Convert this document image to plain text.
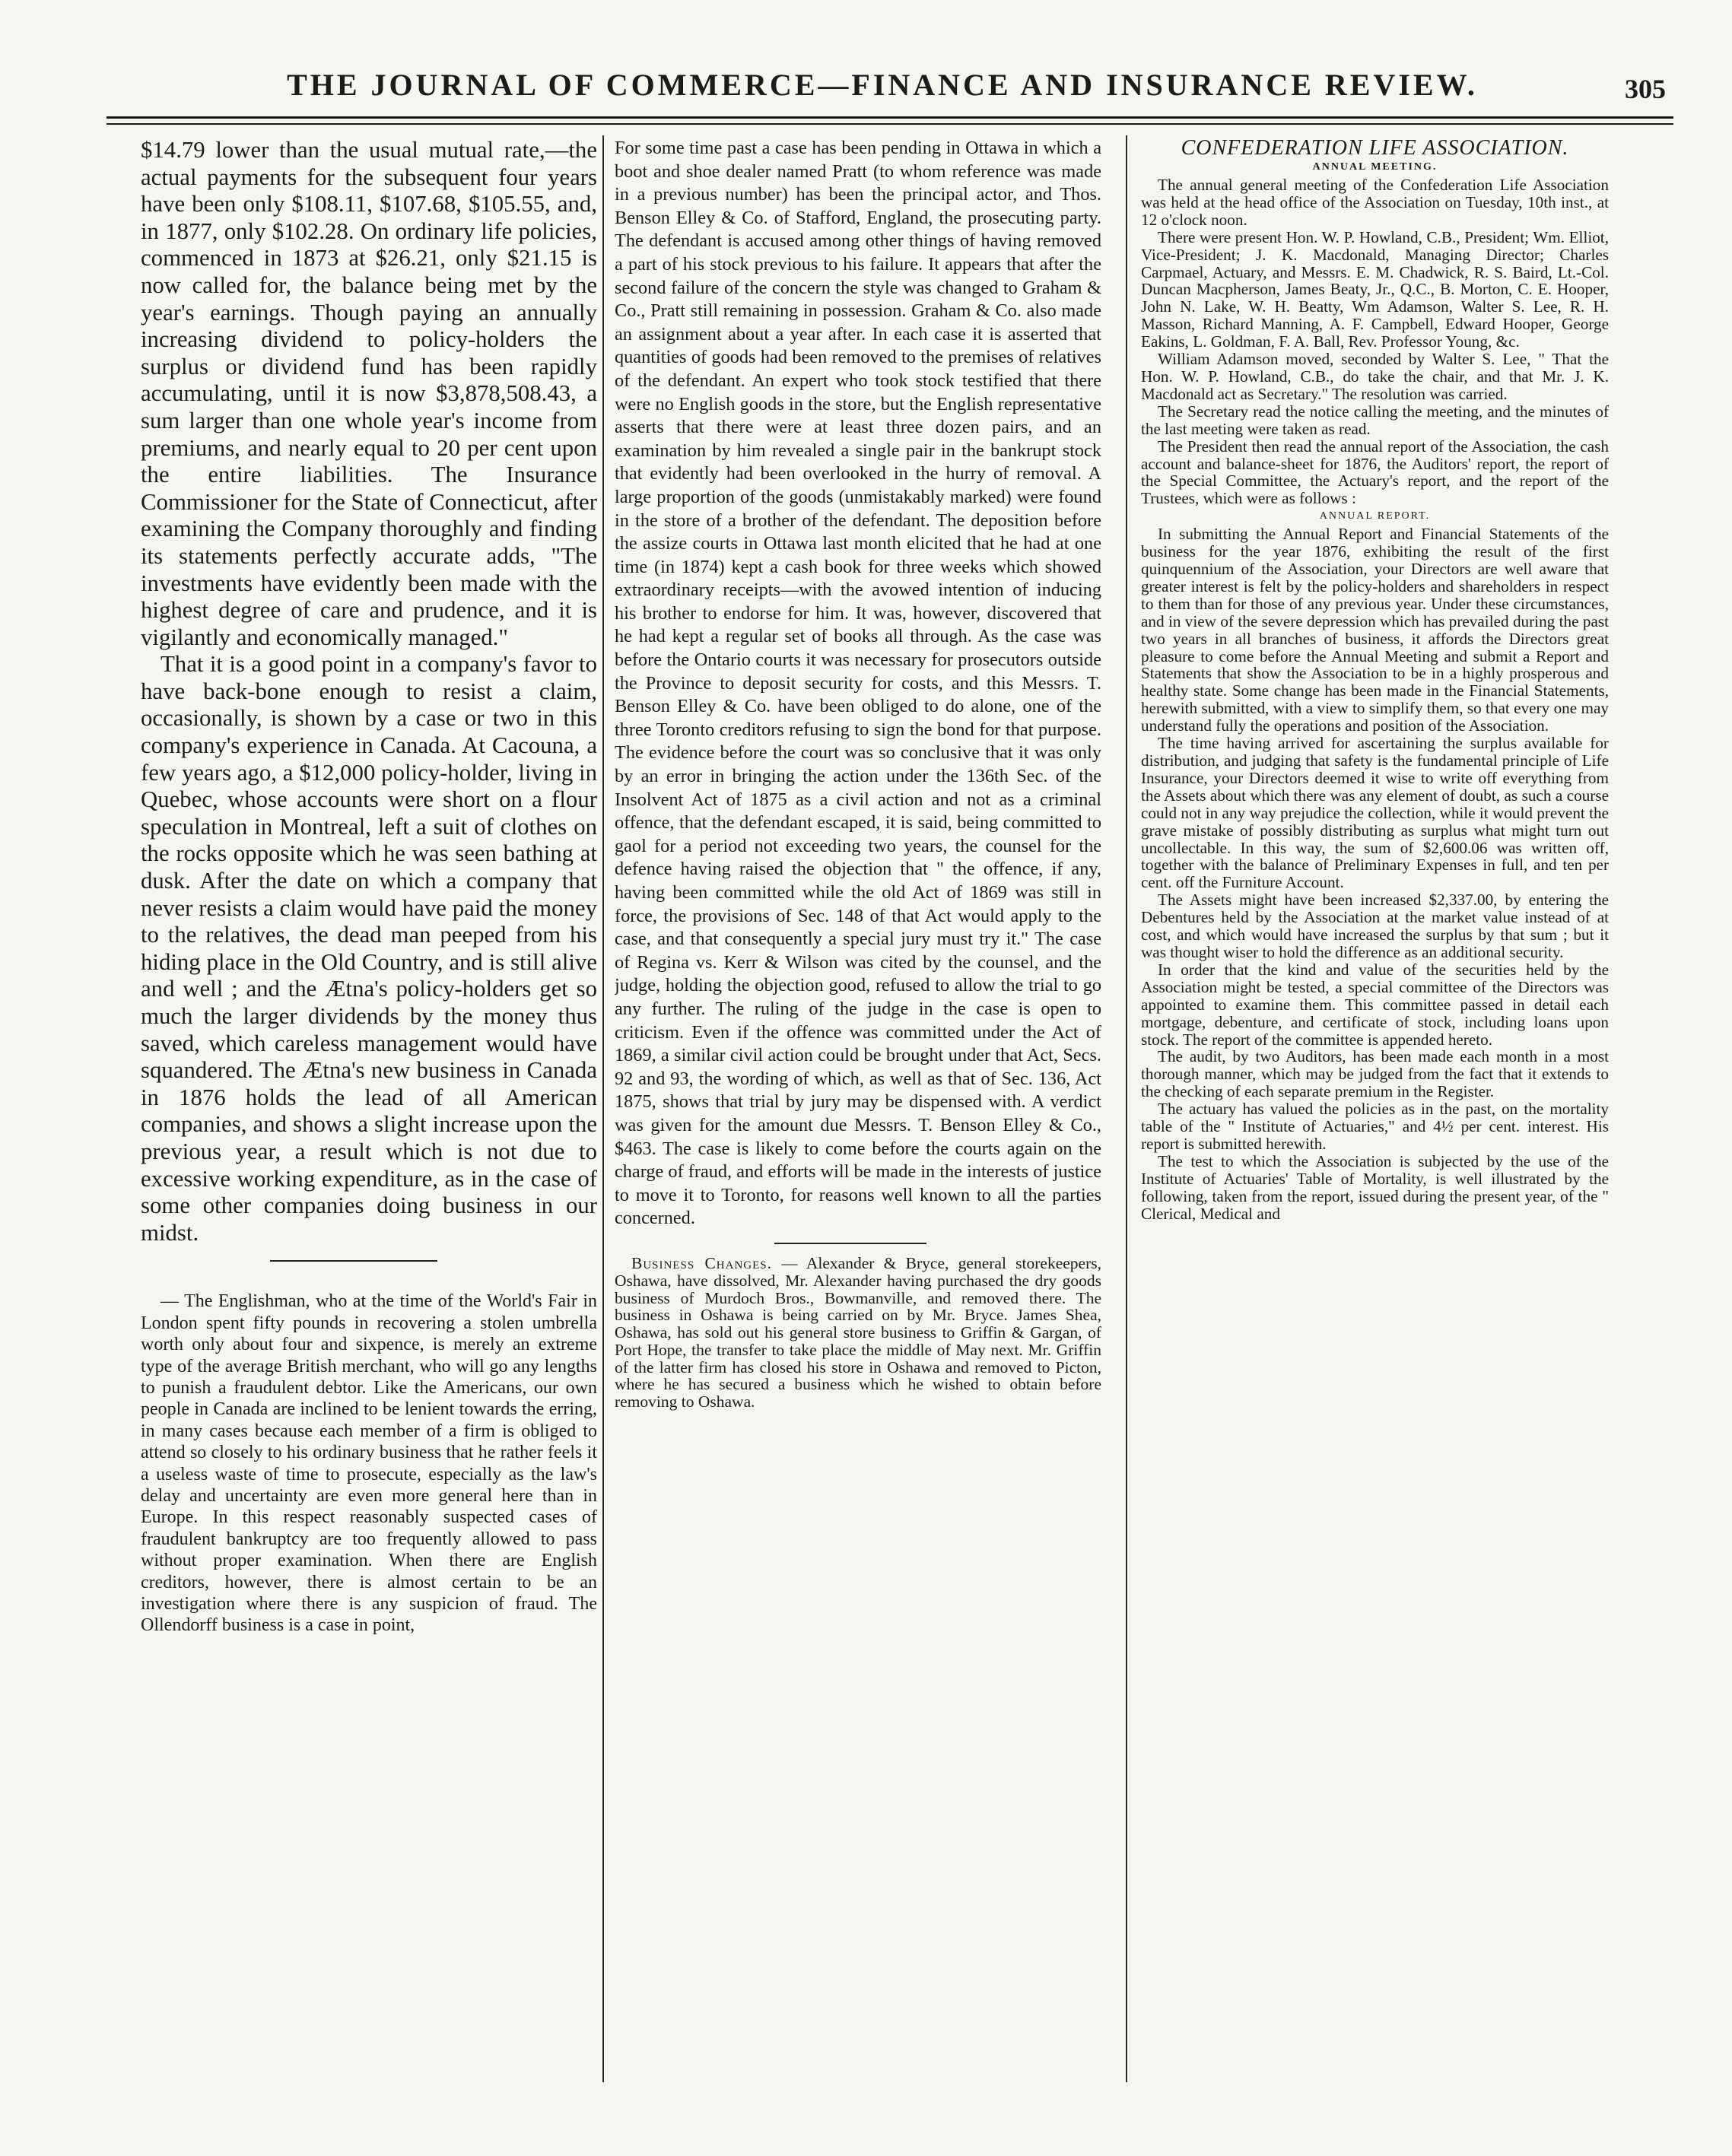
THE JOURNAL OF COMMERCE—FINANCE AND INSURANCE REVIEW.	305

$14.79 lower than the usual mutual rate,—the actual payments for the subsequent four years have been only $108.11, $107.68, $105.55, and, in 1877, only $102.28. On ordinary life policies, commenced in 1873 at $26.21, only $21.15 is now called for, the balance being met by the year's earnings. Though paying an annually increasing dividend to policy-holders the surplus or dividend fund has been rapidly accumulating, until it is now $3,878,508.43, a sum larger than one whole year's income from premiums, and nearly equal to 20 per cent upon the entire liabilities. The Insurance Commissioner for the State of Connecticut, after examining the Company thoroughly and finding its statements perfectly accurate adds, "The investments have evidently been made with the highest degree of care and prudence, and it is vigilantly and economically managed."

That it is a good point in a company's favor to have back-bone enough to resist a claim, occasionally, is shown by a case or two in this company's experience in Canada. At Cacouna, a few years ago, a $12,000 policy-holder, living in Quebec, whose accounts were short on a flour speculation in Montreal, left a suit of clothes on the rocks opposite which he was seen bathing at dusk. After the date on which a company that never resists a claim would have paid the money to the relatives, the dead man peeped from his hiding place in the Old Country, and is still alive and well ; and the Ætna's policy-holders get so much the larger dividends by the money thus saved, which careless management would have squandered. The Ætna's new business in Canada in 1876 holds the lead of all American companies, and shows a slight increase upon the previous year, a result which is not due to excessive working expenditure, as in the case of some other companies doing business in our midst.

— The Englishman, who at the time of the World's Fair in London spent fifty pounds in recovering a stolen umbrella worth only about four and sixpence, is merely an extreme type of the average British merchant, who will go any lengths to punish a fraudulent debtor. Like the Americans, our own people in Canada are inclined to be lenient towards the erring, in many cases because each member of a firm is obliged to attend so closely to his ordinary business that he rather feels it a useless waste of time to prosecute, especially as the law's delay and uncertainty are even more general here than in Europe. In this respect reasonably suspected cases of fraudulent bankruptcy are too frequently allowed to pass without proper examination. When there are English creditors, however, there is almost certain to be an investigation where there is any suspicion of fraud. The Ollendorff business is a case in point,

For some time past a case has been pending in Ottawa in which a boot and shoe dealer named Pratt (to whom reference was made in a previous number) has been the principal actor, and Thos. Benson Elley & Co. of Stafford, England, the prosecuting party. The defendant is accused among other things of having removed a part of his stock previous to his failure. It appears that after the second failure of the concern the style was changed to Graham & Co., Pratt still remaining in possession. Graham & Co. also made an assignment about a year after. In each case it is asserted that quantities of goods had been removed to the premises of relatives of the defendant. An expert who took stock testified that there were no English goods in the store, but the English representative asserts that there were at least three dozen pairs, and an examination by him revealed a single pair in the bankrupt stock that evidently had been overlooked in the hurry of removal. A large proportion of the goods (unmistakably marked) were found in the store of a brother of the defendant. The deposition before the assize courts in Ottawa last month elicited that he had at one time (in 1874) kept a cash book for three weeks which showed extraordinary receipts—with the avowed intention of inducing his brother to endorse for him. It was, however, discovered that he had kept a regular set of books all through. As the case was before the Ontario courts it was necessary for prosecutors outside the Province to deposit security for costs, and this Messrs. T. Benson Elley & Co. have been obliged to do alone, one of the three Toronto creditors refusing to sign the bond for that purpose. The evidence before the court was so conclusive that it was only by an error in bringing the action under the 136th Sec. of the Insolvent Act of 1875 as a civil action and not as a criminal offence, that the defendant escaped, it is said, being committed to gaol for a period not exceeding two years, the counsel for the defence having raised the objection that " the offence, if any, having been committed while the old Act of 1869 was still in force, the provisions of Sec. 148 of that Act would apply to the case, and that consequently a special jury must try it." The case of Regina vs. Kerr & Wilson was cited by the counsel, and the judge, holding the objection good, refused to allow the trial to go any further. The ruling of the judge in the case is open to criticism. Even if the offence was committed under the Act of 1869, a similar civil action could be brought under that Act, Secs. 92 and 93, the wording of which, as well as that of Sec. 136, Act 1875, shows that trial by jury may be dispensed with. A verdict was given for the amount due Messrs. T. Benson Elley & Co., $463. The case is likely to come before the courts again on the charge of fraud, and efforts will be made in the interests of justice to move it to Toronto, for reasons well known to all the parties concerned.

Business Changes. — Alexander & Bryce, general storekeepers, Oshawa, have dissolved, Mr. Alexander having purchased the dry goods business of Murdoch Bros., Bowmanville, and removed there. The business in Oshawa is being carried on by Mr. Bryce. James Shea, Oshawa, has sold out his general store business to Griffin & Gargan, of Port Hope, the transfer to take place the middle of May next. Mr. Griffin of the latter firm has closed his store in Oshawa and removed to Picton, where he has secured a business which he wished to obtain before removing to Oshawa.

CONFEDERATION LIFE ASSOCIATION.
ANNUAL MEETING.

The annual general meeting of the Confederation Life Association was held at the head office of the Association on Tuesday, 10th inst., at 12 o'clock noon.

There were present Hon. W. P. Howland, C.B., President; Wm. Elliot, Vice-President; J. K. Macdonald, Managing Director; Charles Carpmael, Actuary, and Messrs. E. M. Chadwick, R. S. Baird, Lt.-Col. Duncan Macpherson, James Beaty, Jr., Q.C., B. Morton, C. E. Hooper, John N. Lake, W. H. Beatty, Wm Adamson, Walter S. Lee, R. H. Masson, Richard Manning, A. F. Campbell, Edward Hooper, George Eakins, L. Goldman, F. A. Ball, Rev. Professor Young, &c.

William Adamson moved, seconded by Walter S. Lee, " That the Hon. W. P. Howland, C.B., do take the chair, and that Mr. J. K. Macdonald act as Secretary." The resolution was carried.

The Secretary read the notice calling the meeting, and the minutes of the last meeting were taken as read.

The President then read the annual report of the Association, the cash account and balance-sheet for 1876, the Auditors' report, the report of the Special Committee, the Actuary's report, and the report of the Trustees, which were as follows :

ANNUAL REPORT.

In submitting the Annual Report and Financial Statements of the business for the year 1876, exhibiting the result of the first quinquennium of the Association, your Directors are well aware that greater interest is felt by the policy-holders and shareholders in respect to them than for those of any previous year. Under these circumstances, and in view of the severe depression which has prevailed during the past two years in all branches of business, it affords the Directors great pleasure to come before the Annual Meeting and submit a Report and Statements that show the Association to be in a highly prosperous and healthy state. Some change has been made in the Financial Statements, herewith submitted, with a view to simplify them, so that every one may understand fully the operations and position of the Association.

The time having arrived for ascertaining the surplus available for distribution, and judging that safety is the fundamental principle of Life Insurance, your Directors deemed it wise to write off everything from the Assets about which there was any element of doubt, as such a course could not in any way prejudice the collection, while it would prevent the grave mistake of possibly distributing as surplus what might turn out uncollectable. In this way, the sum of $2,600.06 was written off, together with the balance of Preliminary Expenses in full, and ten per cent. off the Furniture Account.

The Assets might have been increased $2,337.00, by entering the Debentures held by the Association at the market value instead of at cost, and which would have increased the surplus by that sum ; but it was thought wiser to hold the difference as an additional security.

In order that the kind and value of the securities held by the Association might be tested, a special committee of the Directors was appointed to examine them. This committee passed in detail each mortgage, debenture, and certificate of stock, including loans upon stock. The report of the committee is appended hereto.

The audit, by two Auditors, has been made each month in a most thorough manner, which may be judged from the fact that it extends to the checking of each separate premium in the Register.

The actuary has valued the policies as in the past, on the mortality table of the " Institute of Actuaries," and 4½ per cent. interest. His report is submitted herewith.

The test to which the Association is subjected by the use of the Institute of Actuaries' Table of Mortality, is well illustrated by the following, taken from the report, issued during the present year, of the " Clerical, Medical and
